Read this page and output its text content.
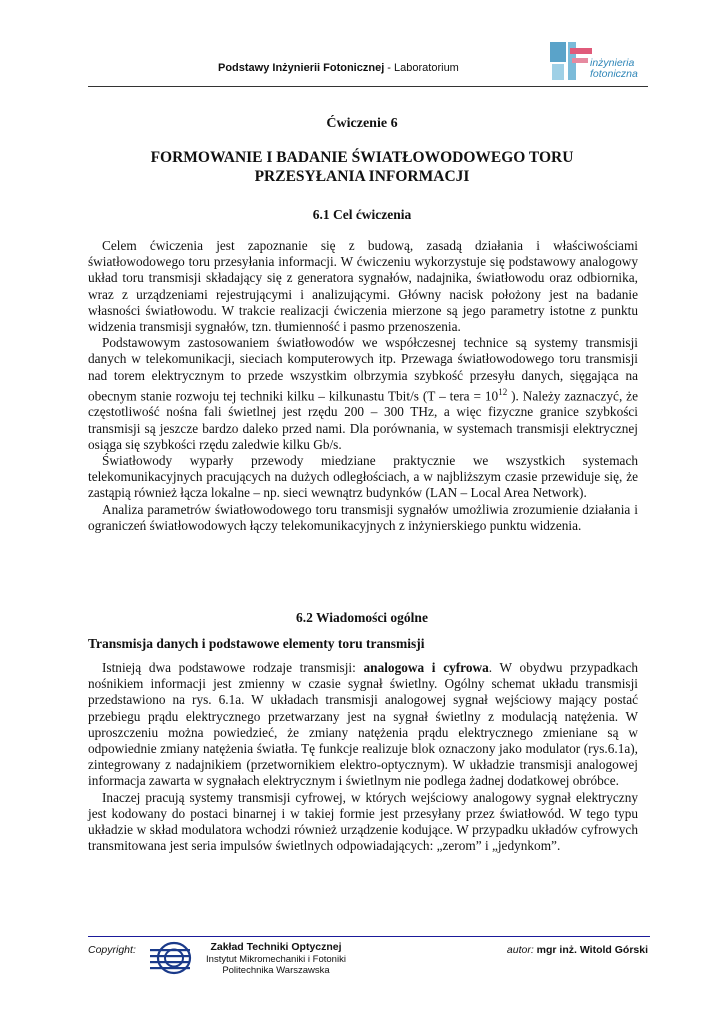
Podstawy Inżynierii Fotonicznej - Laboratorium	inżynieria
fotoniczna
Ćwiczenie 6
FORMOWANIE I BADANIE ŚWIATŁOWODOWEGO TORU
PRZESYŁANIA INFORMACJI
6.1 Cel ćwiczenia

Celem ćwiczenia jest zapoznanie się z budową, zasadą działania i właściwościami światłowodowego toru przesyłania informacji. W ćwiczeniu wykorzystuje się podstawowy analogowy układ toru transmisji składający się z generatora sygnałów, nadajnika, światłowodu oraz odbiornika, wraz z urządzeniami rejestrującymi i analizującymi. Główny nacisk położony jest na badanie własności światłowodu. W trakcie realizacji ćwiczenia mierzone są jego parametry istotne z punktu widzenia transmisji sygnałów, tzn. tłumienność i pasmo przenoszenia.

Podstawowym zastosowaniem światłowodów we współczesnej technice są systemy transmisji danych w telekomunikacji, sieciach komputerowych itp. Przewaga światłowodowego toru transmisji nad torem elektrycznym to przede wszystkim olbrzymia szybkość przesyłu danych, sięgająca na obecnym stanie rozwoju tej techniki kilku – kilkunastu Tbit/s (T – tera = $10^{12}$ ). Należy zaznaczyć, że częstotliwość nośna fali świetlnej jest rzędu 200 – 300 THz, a więc fizyczne granice szybkości transmisji są jeszcze bardzo daleko przed nami. Dla porównania, w systemach transmisji elektrycznej osiąga się szybkości rzędu zaledwie kilku Gb/s.

Światłowody wyparły przewody miedziane praktycznie we wszystkich systemach telekomunikacyjnych pracujących na dużych odległościach, a w najbliższym czasie przewiduje się, że zastąpią również łącza lokalne – np. sieci wewnątrz budynków (LAN – Local Area Network).

Analiza parametrów światłowodowego toru transmisji sygnałów umożliwia zrozumienie działania i ograniczeń światłowodowych łączy telekomunikacyjnych z inżynierskiego punktu widzenia.

6.2 Wiadomości ogólne
Transmisja danych i podstawowe elementy toru transmisji

Istnieją dwa podstawowe rodzaje transmisji: analogowa i cyfrowa. W obydwu przypadkach nośnikiem informacji jest zmienny w czasie sygnał świetlny. Ogólny schemat układu transmisji przedstawiono na rys. 6.1a. W układach transmisji analogowej sygnał wejściowy mający postać przebiegu prądu elektrycznego przetwarzany jest na sygnał świetlny z modulacją natężenia. W uproszczeniu można powiedzieć, że zmiany natężenia prądu elektrycznego zmieniane są w odpowiednie zmiany natężenia światła. Tę funkcje realizuje blok oznaczony jako modulator (rys.6.1a), zintegrowany z nadajnikiem (przetwornikiem elektro-optycznym). W układzie transmisji analogowej informacja zawarta w sygnałach elektrycznym i świetlnym nie podlega żadnej dodatkowej obróbce.

Inaczej pracują systemy transmisji cyfrowej, w których wejściowy analogowy sygnał elektryczny jest kodowany do postaci binarnej i w takiej formie jest przesyłany przez światłowód. W tego typu układzie w skład modulatora wchodzi również urządzenie kodujące. W przypadku układów cyfrowych transmitowana jest seria impulsów świetlnych odpowiadających: „zerom” i „jedynkom”.

Copyright:	Zakład Techniki Optycznej
Instytut Mikromechaniki i Fotoniki
Politechnika Warszawska
autor: mgr inż. Witold Górski
